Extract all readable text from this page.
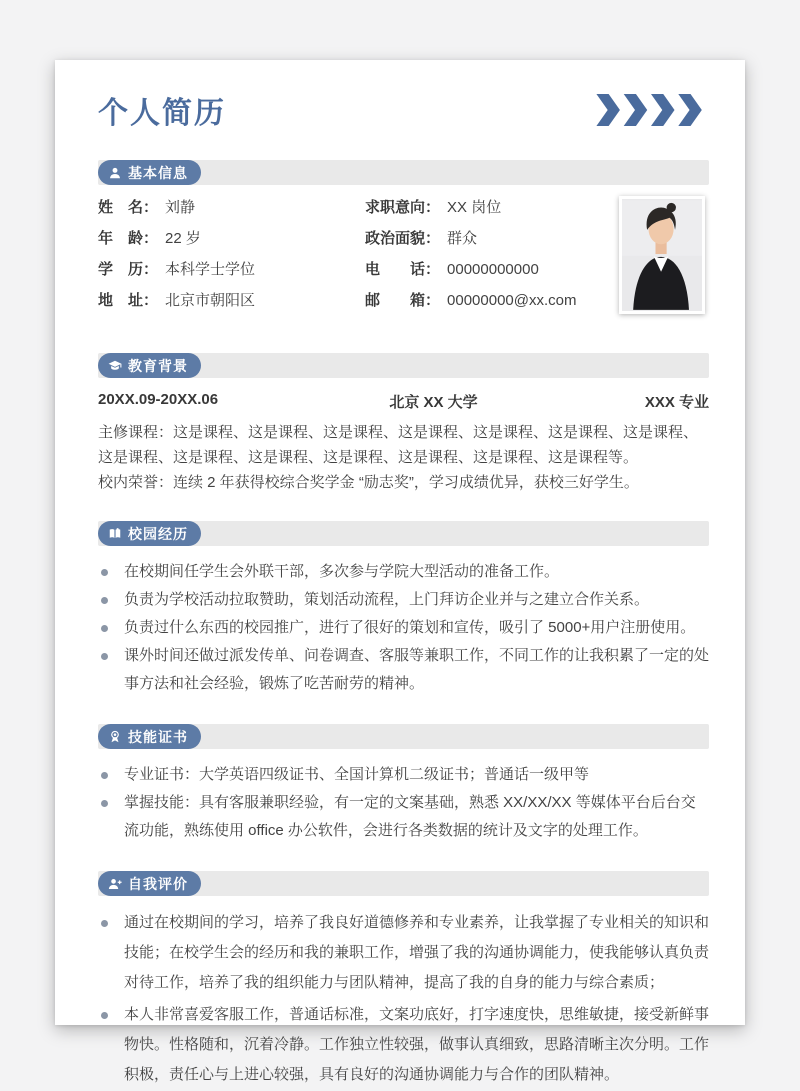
个人简历
基本信息
姓　名： 刘静
年　龄： 22 岁
学　历： 本科学士学位
地　址： 北京市朝阳区
求职意向： XX 岗位
政治面貌： 群众
电　　话： 00000000000
邮　　箱： 00000000@xx.com
教育背景
20XX.09-20XX.06	北京 XX 大学	XXX 专业
主修课程：这是课程、这是课程、这是课程、这是课程、这是课程、这是课程、这是课程、这是课程、这是课程、这是课程、这是课程、这是课程、这是课程、这是课程等。
校内荣誉：连续 2 年获得校综合奖学金 “励志奖”，学习成绩优异，获校三好学生。
校园经历
在校期间任学生会外联干部，多次参与学院大型活动的准备工作。
负责为学校活动拉取赞助，策划活动流程，上门拜访企业并与之建立合作关系。
负责过什么东西的校园推广，进行了很好的策划和宣传，吸引了 5000+用户注册使用。
课外时间还做过派发传单、问卷调查、客服等兼职工作，不同工作的让我积累了一定的处事方法和社会经验，锻炼了吃苦耐劳的精神。
技能证书
专业证书：大学英语四级证书、全国计算机二级证书；普通话一级甲等
掌握技能：具有客服兼职经验，有一定的文案基础，熟悉 XX/XX/XX 等媒体平台后台交流功能，熟练使用 office 办公软件，会进行各类数据的统计及文字的处理工作。
自我评价
通过在校期间的学习，培养了我良好道德修养和专业素养，让我掌握了专业相关的知识和技能；在校学生会的经历和我的兼职工作，增强了我的沟通协调能力，使我能够认真负责对待工作，培养了我的组织能力与团队精神，提高了我的自身的能力与综合素质；
本人非常喜爱客服工作，普通话标准，文案功底好，打字速度快，思维敏捷，接受新鲜事物快。性格随和，沉着冷静。工作独立性较强，做事认真细致，思路清晰主次分明。工作积极，责任心与上进心较强，具有良好的沟通协调能力与合作的团队精神。
